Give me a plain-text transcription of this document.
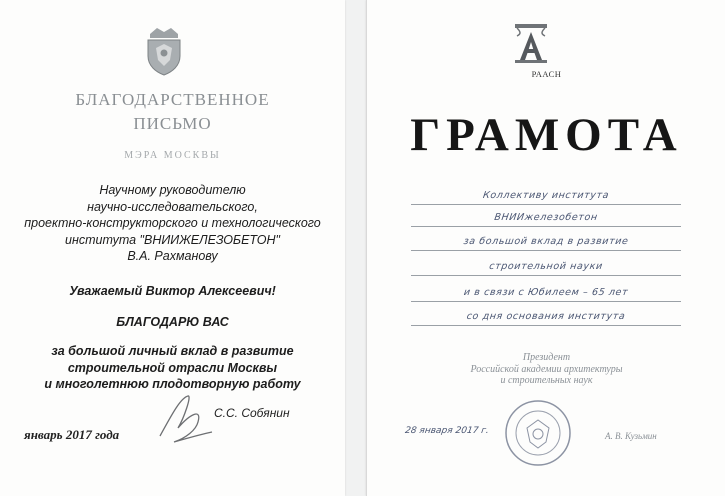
БЛАГОДАРСТВЕННОЕ
ПИСЬМО
МЭРА МОСКВЫ
Научному руководителю
научно-исследовательского,
проектно-конструкторского и технологического
института "ВНИИЖЕЛЕЗОБЕТОН"
В.А. Рахманову
Уважаемый Виктор Алексеевич!
БЛАГОДАРЮ ВАС
за большой личный вклад в развитие
строительной отрасли Москвы
и многолетнюю плодотворную работу
С.С. Собянин
январь 2017 года
РААСН
ГРАМОТА
Коллективу института
ВНИИжелезобетон
за большой вклад в развитие
строительной науки
и в связи с Юбилеем – 65 лет
со дня основания института
Президент
Российской академии архитектуры
и строительных наук
28 января 2017 г.	А. В. Кузьмин
